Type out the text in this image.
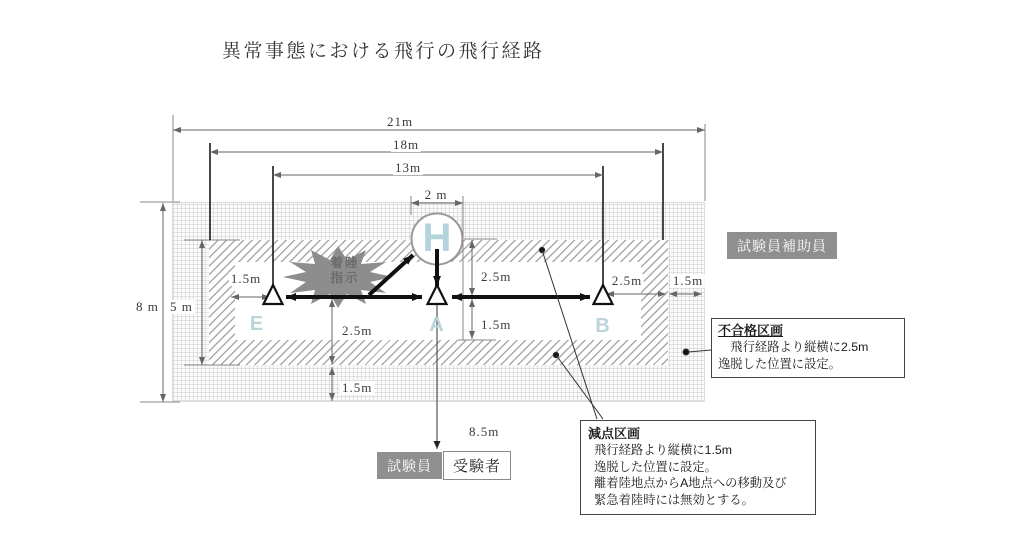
異常事態における飛行の飛行経路
21m
18m
13m
2 m
8 m 5 m
1.5m	2.5m
1.5m
2.5m
1.5m
2.5m 1.5m
8.5m
E	A	B
H
着陸
指示
試験員補助員
試験員	受験者
不合格区画
　飛行経路より縦横に2.5m
逸脱した位置に設定。
減点区画
飛行経路より縦横に1.5m
逸脱した位置に設定。
離着陸地点からA地点への移動及び
緊急着陸時には無効とする。
